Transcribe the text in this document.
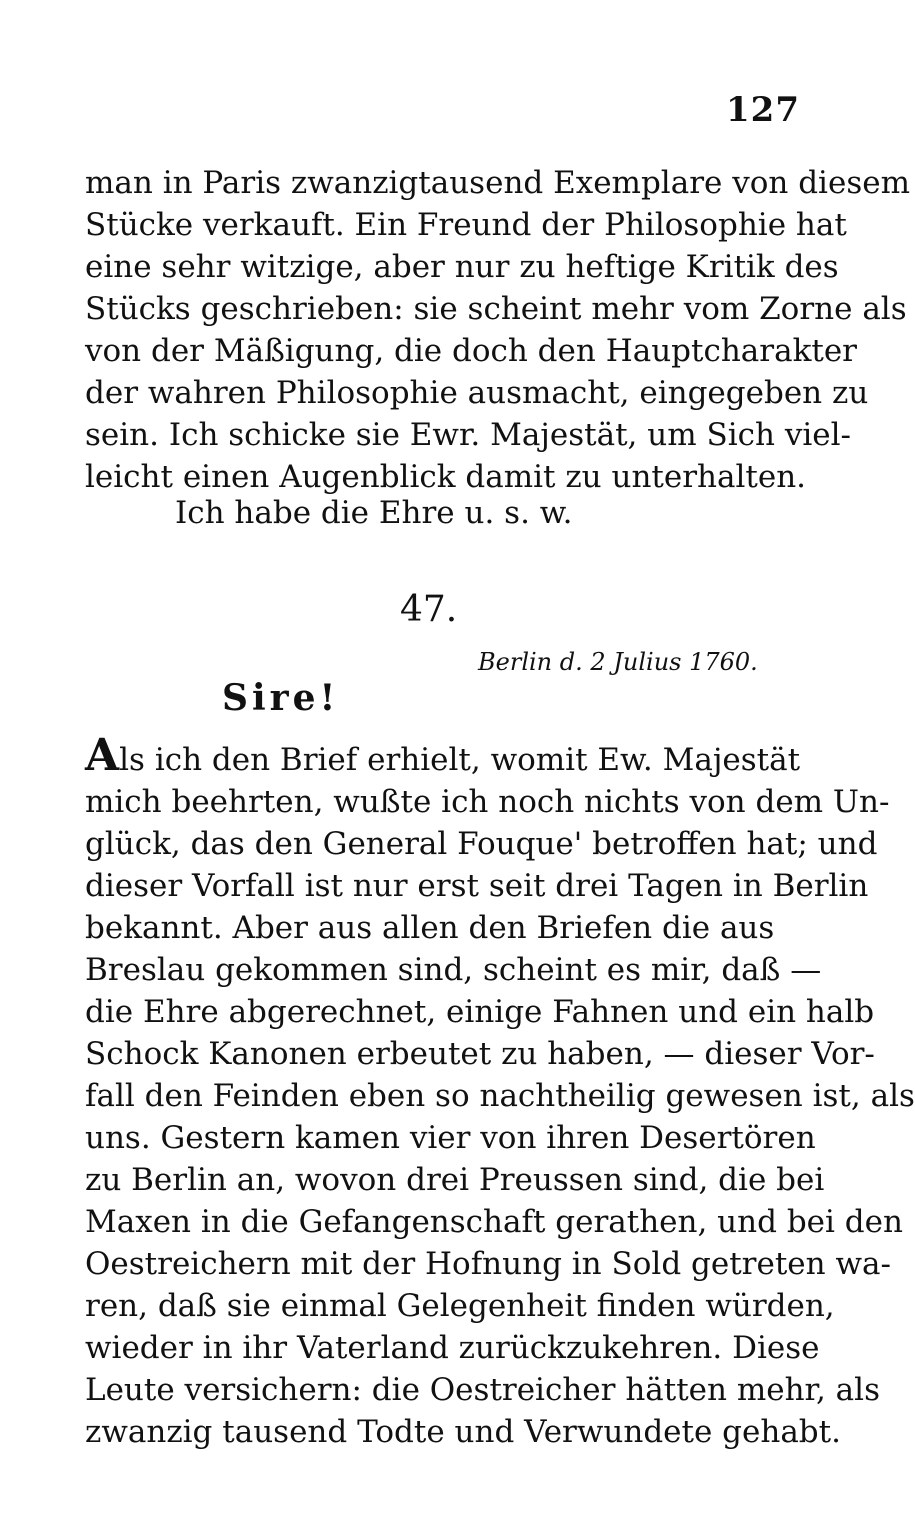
127
man in Paris zwanzigtausend Exemplare von diesem
Stücke verkauft. Ein Freund der Philosophie hat
eine sehr witzige, aber nur zu heftige Kritik des
Stücks geschrieben: sie scheint mehr vom Zorne als
von der Mäßigung, die doch den Hauptcharakter
der wahren Philosophie ausmacht, eingegeben zu
sein. Ich schicke sie Ewr. Majestät, um Sich viel-
leicht einen Augenblick damit zu unterhalten.
Ich habe die Ehre u. s. w.
47.
Berlin d. 2 Julius 1760.
Sire!
Als ich den Brief erhielt, womit Ew. Majestät
mich beehrten, wußte ich noch nichts von dem Un-
glück, das den General Fouque' betroffen hat; und
dieser Vorfall ist nur erst seit drei Tagen in Berlin
bekannt. Aber aus allen den Briefen die aus
Breslau gekommen sind, scheint es mir, daß —
die Ehre abgerechnet, einige Fahnen und ein halb
Schock Kanonen erbeutet zu haben, — dieser Vor-
fall den Feinden eben so nachtheilig gewesen ist, als
uns. Gestern kamen vier von ihren Desertören
zu Berlin an, wovon drei Preussen sind, die bei
Maxen in die Gefangenschaft gerathen, und bei den
Oestreichern mit der Hofnung in Sold getreten wa-
ren, daß sie einmal Gelegenheit finden würden,
wieder in ihr Vaterland zurückzukehren. Diese
Leute versichern: die Oestreicher hätten mehr, als
zwanzig tausend Todte und Verwundete gehabt.
